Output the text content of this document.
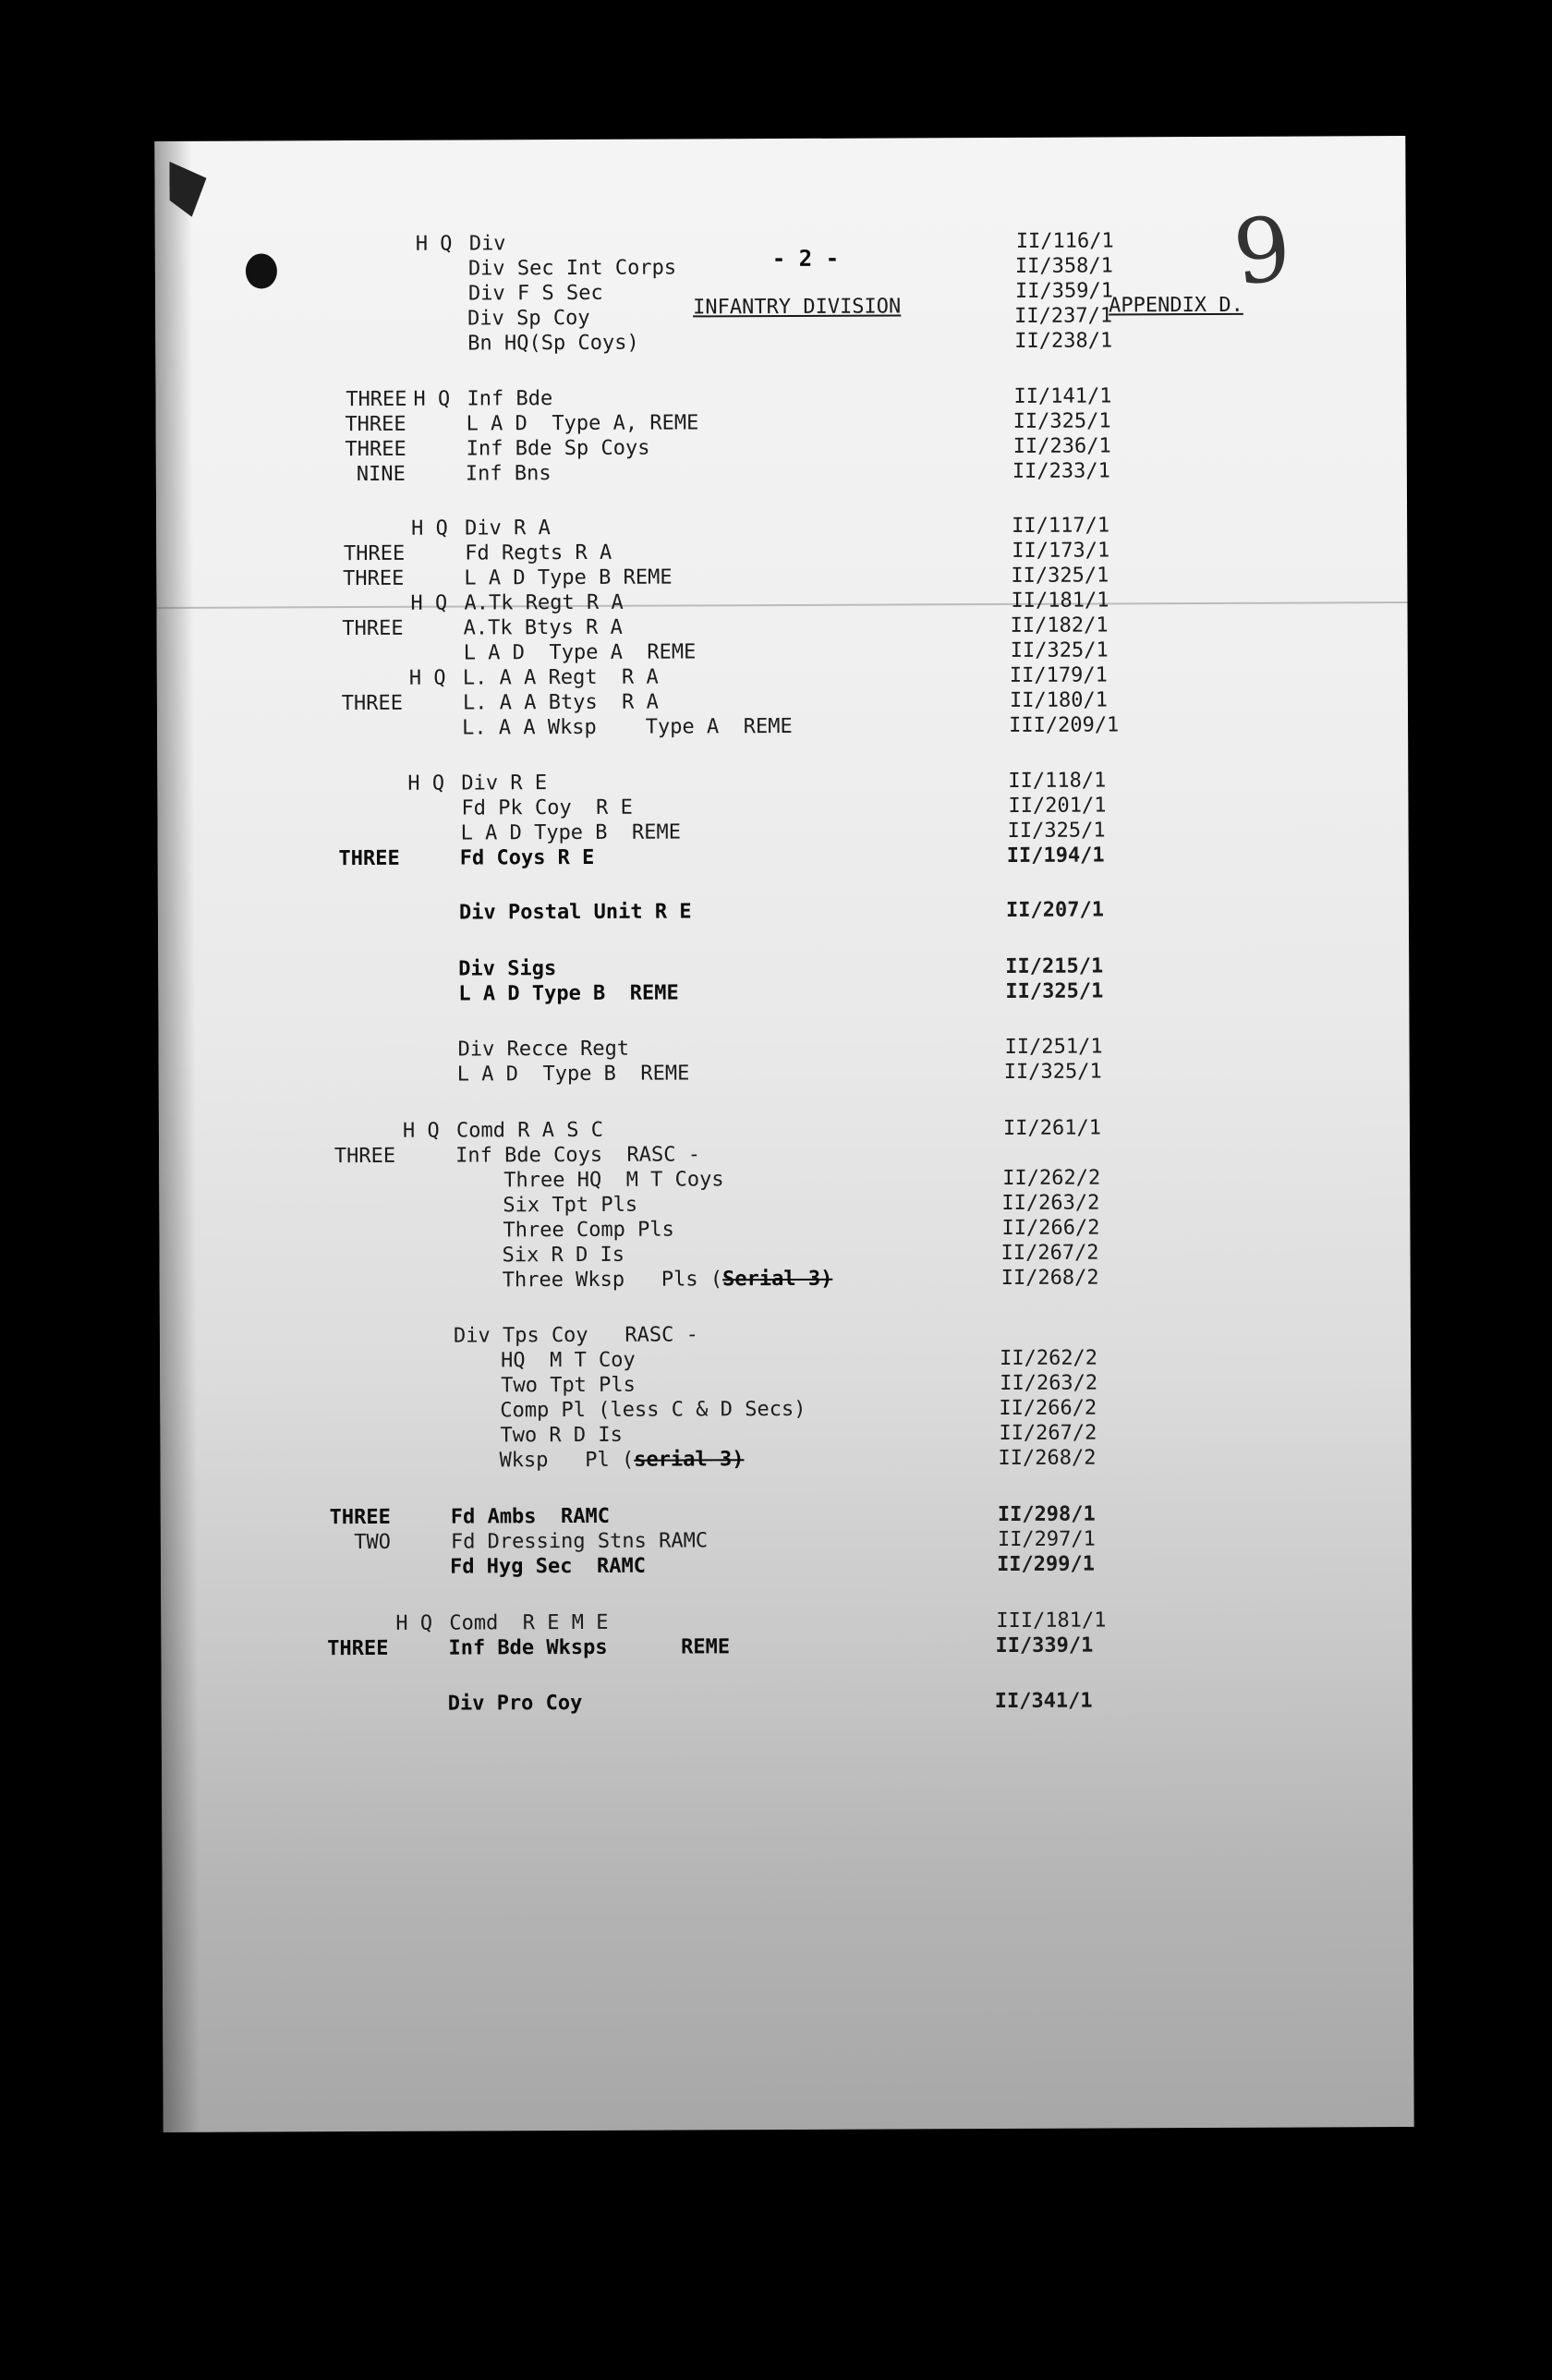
- 2 -
INFANTRY DIVISION	APPENDIX D.
9
H Q Div	II/116/1
Div Sec Int Corps	II/358/1
Div F S Sec	II/359/1
Div Sp Coy	II/237/1
Bn HQ(Sp Coys)	II/238/1
THREE H Q Inf Bde	II/141/1
THREE	L A D  Type A, REME	II/325/1
THREE	Inf Bde Sp Coys	II/236/1
NINE	Inf Bns	II/233/1
H Q Div R A	II/117/1
THREE	Fd Regts R A	II/173/1
THREE	L A D Type B REME	II/325/1
H Q A.Tk Regt R A	II/181/1
THREE	A.Tk Btys R A	II/182/1
L A D  Type A  REME	II/325/1
H Q L. A A Regt  R A	II/179/1
THREE	L. A A Btys  R A	II/180/1
L. A A Wksp    Type A  REME	III/209/1
H Q Div R E	II/118/1
Fd Pk Coy  R E	II/201/1
L A D Type B  REME	II/325/1
THREE	Fd Coys R E	II/194/1
Div Postal Unit R E	II/207/1
Div Sigs	II/215/1
L A D Type B  REME	II/325/1
Div Recce Regt	II/251/1
L A D  Type B  REME	II/325/1
H Q Comd R A S C	II/261/1
THREE	Inf Bde Coys  RASC -
Three HQ  M T Coys	II/262/2
Six Tpt Pls	II/263/2
Three Comp Pls	II/266/2
Six R D Is	II/267/2
Three Wksp   Pls (Serial 3)	II/268/2
Div Tps Coy   RASC -
HQ  M T Coy	II/262/2
Two Tpt Pls	II/263/2
Comp Pl (less C & D Secs)	II/266/2
Two R D Is	II/267/2
Wksp   Pl (serial 3)	II/268/2
THREE	Fd Ambs  RAMC	II/298/1
TWO	Fd Dressing Stns RAMC	II/297/1
Fd Hyg Sec  RAMC	II/299/1
H Q Comd  R E M E	III/181/1
THREE	Inf Bde Wksps      REME	II/339/1
Div Pro Coy	II/341/1
